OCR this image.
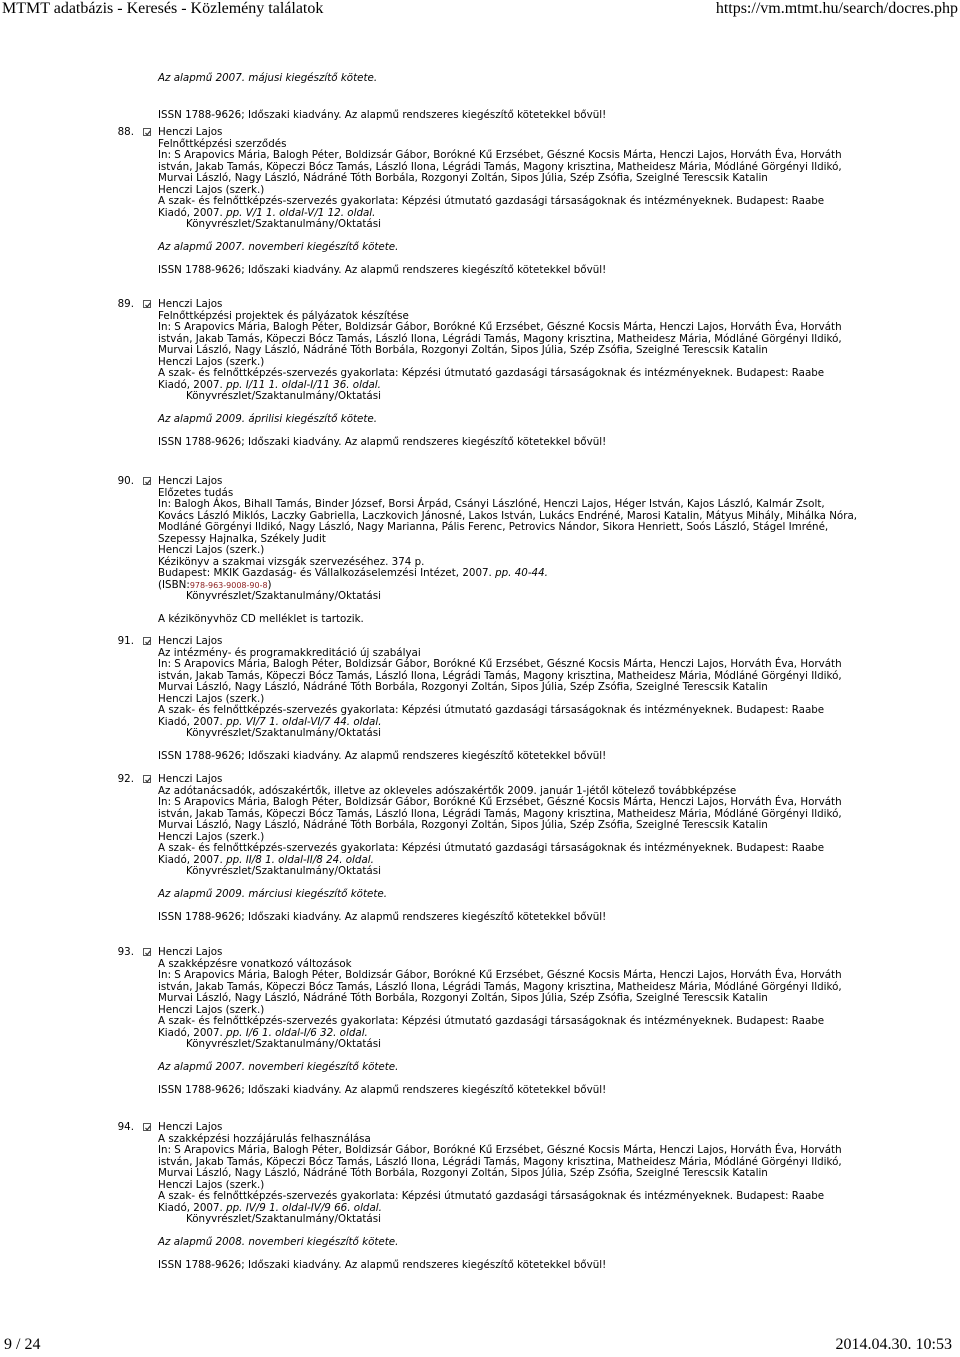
MTMT adatbázis - Keresés - Közlemény találatok	https://vm.mtmt.hu/search/docres.php
Az alapmű 2007. májusi kiegészítő kötete.
ISSN 1788-9626; Időszaki kiadvány. Az alapmű rendszeres kiegészítő kötetekkel bővül!
88. Henczi Lajos
Felnőttképzési szerződés
In: S Arapovics Mária, Balogh Péter, Boldizsár Gábor, Borókné Kű Erzsébet, Gészné Kocsis Márta, Henczi Lajos, Horváth Éva, Horváth
istván, Jakab Tamás, Köpeczi Bócz Tamás, László Ilona, Légrádi Tamás, Magony krisztina, Matheidesz Mária, Módláné Görgényi Ildikó,
Murvai László, Nagy László, Nádráné Tóth Borbála, Rozgonyi Zoltán, Sipos Júlia, Szép Zsófia, Szeiglné Terescsik Katalin
Henczi Lajos (szerk.)
A szak- és felnőttképzés-szervezés gyakorlata: Képzési útmutató gazdasági társaságoknak és intézményeknek. Budapest: Raabe
Kiadó, 2007. pp. V/1 1. oldal-V/1 12. oldal.
Könyvrészlet/Szaktanulmány/Oktatási
Az alapmű 2007. novemberi kiegészítő kötete.
ISSN 1788-9626; Időszaki kiadvány. Az alapmű rendszeres kiegészítő kötetekkel bővül!
89. Henczi Lajos
Felnőttképzési projektek és pályázatok készítése
In: S Arapovics Mária, Balogh Péter, Boldizsár Gábor, Borókné Kű Erzsébet, Gészné Kocsis Márta, Henczi Lajos, Horváth Éva, Horváth
istván, Jakab Tamás, Köpeczi Bócz Tamás, László Ilona, Légrádi Tamás, Magony krisztina, Matheidesz Mária, Módláné Görgényi Ildikó,
Murvai László, Nagy László, Nádráné Tóth Borbála, Rozgonyi Zoltán, Sipos Júlia, Szép Zsófia, Szeiglné Terescsik Katalin
Henczi Lajos (szerk.)
A szak- és felnőttképzés-szervezés gyakorlata: Képzési útmutató gazdasági társaságoknak és intézményeknek. Budapest: Raabe
Kiadó, 2007. pp. I/11 1. oldal-I/11 36. oldal.
Könyvrészlet/Szaktanulmány/Oktatási
Az alapmű 2009. áprilisi kiegészítő kötete.
ISSN 1788-9626; Időszaki kiadvány. Az alapmű rendszeres kiegészítő kötetekkel bővül!
90. Henczi Lajos
Előzetes tudás
In: Balogh Ákos, Bihall Tamás, Binder József, Borsi Árpád, Csányi Lászlóné, Henczi Lajos, Héger István, Kajos László, Kalmár Zsolt,
Kovács László Miklós, Laczky Gabriella, Laczkovich Jánosné, Lakos István, Lukács Endréné, Marosi Katalin, Mátyus Mihály, Mihálka Nóra,
Modláné Görgényi Ildikó, Nagy László, Nagy Marianna, Pális Ferenc, Petrovics Nándor, Sikora Henriett, Soós László, Stágel Imréné,
Szepessy Hajnalka, Székely Judit
Henczi Lajos (szerk.)
Kézikönyv a szakmai vizsgák szervezéséhez. 374 p.
Budapest: MKIK Gazdaság- és Vállalkozáselemzési Intézet, 2007. pp. 40-44.
(ISBN:978-963-9008-90-8)
Könyvrészlet/Szaktanulmány/Oktatási
A kézikönyvhöz CD melléklet is tartozik.
91. Henczi Lajos
Az intézmény- és programakkreditáció új szabályai
In: S Arapovics Mária, Balogh Péter, Boldizsár Gábor, Borókné Kű Erzsébet, Gészné Kocsis Márta, Henczi Lajos, Horváth Éva, Horváth
istván, Jakab Tamás, Köpeczi Bócz Tamás, László Ilona, Légrádi Tamás, Magony krisztina, Matheidesz Mária, Módláné Görgényi Ildikó,
Murvai László, Nagy László, Nádráné Tóth Borbála, Rozgonyi Zoltán, Sipos Júlia, Szép Zsófia, Szeiglné Terescsik Katalin
Henczi Lajos (szerk.)
A szak- és felnőttképzés-szervezés gyakorlata: Képzési útmutató gazdasági társaságoknak és intézményeknek. Budapest: Raabe
Kiadó, 2007. pp. VI/7 1. oldal-VI/7 44. oldal.
Könyvrészlet/Szaktanulmány/Oktatási
ISSN 1788-9626; Időszaki kiadvány. Az alapmű rendszeres kiegészítő kötetekkel bővül!
92. Henczi Lajos
Az adótanácsadók, adószakértők, illetve az okleveles adószakértők 2009. január 1-jétől kötelező továbbképzése
In: S Arapovics Mária, Balogh Péter, Boldizsár Gábor, Borókné Kű Erzsébet, Gészné Kocsis Márta, Henczi Lajos, Horváth Éva, Horváth
istván, Jakab Tamás, Köpeczi Bócz Tamás, László Ilona, Légrádi Tamás, Magony krisztina, Matheidesz Mária, Módláné Görgényi Ildikó,
Murvai László, Nagy László, Nádráné Tóth Borbála, Rozgonyi Zoltán, Sipos Júlia, Szép Zsófia, Szeiglné Terescsik Katalin
Henczi Lajos (szerk.)
A szak- és felnőttképzés-szervezés gyakorlata: Képzési útmutató gazdasági társaságoknak és intézményeknek. Budapest: Raabe
Kiadó, 2007. pp. II/8 1. oldal-II/8 24. oldal.
Könyvrészlet/Szaktanulmány/Oktatási
Az alapmű 2009. márciusi kiegészítő kötete.
ISSN 1788-9626; Időszaki kiadvány. Az alapmű rendszeres kiegészítő kötetekkel bővül!
93. Henczi Lajos
A szakképzésre vonatkozó változások
In: S Arapovics Mária, Balogh Péter, Boldizsár Gábor, Borókné Kű Erzsébet, Gészné Kocsis Márta, Henczi Lajos, Horváth Éva, Horváth
istván, Jakab Tamás, Köpeczi Bócz Tamás, László Ilona, Légrádi Tamás, Magony krisztina, Matheidesz Mária, Módláné Görgényi Ildikó,
Murvai László, Nagy László, Nádráné Tóth Borbála, Rozgonyi Zoltán, Sipos Júlia, Szép Zsófia, Szeiglné Terescsik Katalin
Henczi Lajos (szerk.)
A szak- és felnőttképzés-szervezés gyakorlata: Képzési útmutató gazdasági társaságoknak és intézményeknek. Budapest: Raabe
Kiadó, 2007. pp. I/6 1. oldal-I/6 32. oldal.
Könyvrészlet/Szaktanulmány/Oktatási
Az alapmű 2007. novemberi kiegészítő kötete.
ISSN 1788-9626; Időszaki kiadvány. Az alapmű rendszeres kiegészítő kötetekkel bővül!
94. Henczi Lajos
A szakképzési hozzájárulás felhasználása
In: S Arapovics Mária, Balogh Péter, Boldizsár Gábor, Borókné Kű Erzsébet, Gészné Kocsis Márta, Henczi Lajos, Horváth Éva, Horváth
istván, Jakab Tamás, Köpeczi Bócz Tamás, László Ilona, Légrádi Tamás, Magony krisztina, Matheidesz Mária, Módláné Görgényi Ildikó,
Murvai László, Nagy László, Nádráné Tóth Borbála, Rozgonyi Zoltán, Sipos Júlia, Szép Zsófia, Szeiglné Terescsik Katalin
Henczi Lajos (szerk.)
A szak- és felnőttképzés-szervezés gyakorlata: Képzési útmutató gazdasági társaságoknak és intézményeknek. Budapest: Raabe
Kiadó, 2007. pp. IV/9 1. oldal-IV/9 66. oldal.
Könyvrészlet/Szaktanulmány/Oktatási
Az alapmű 2008. novemberi kiegészítő kötete.
ISSN 1788-9626; Időszaki kiadvány. Az alapmű rendszeres kiegészítő kötetekkel bővül!
9 / 24	2014.04.30. 10:53
